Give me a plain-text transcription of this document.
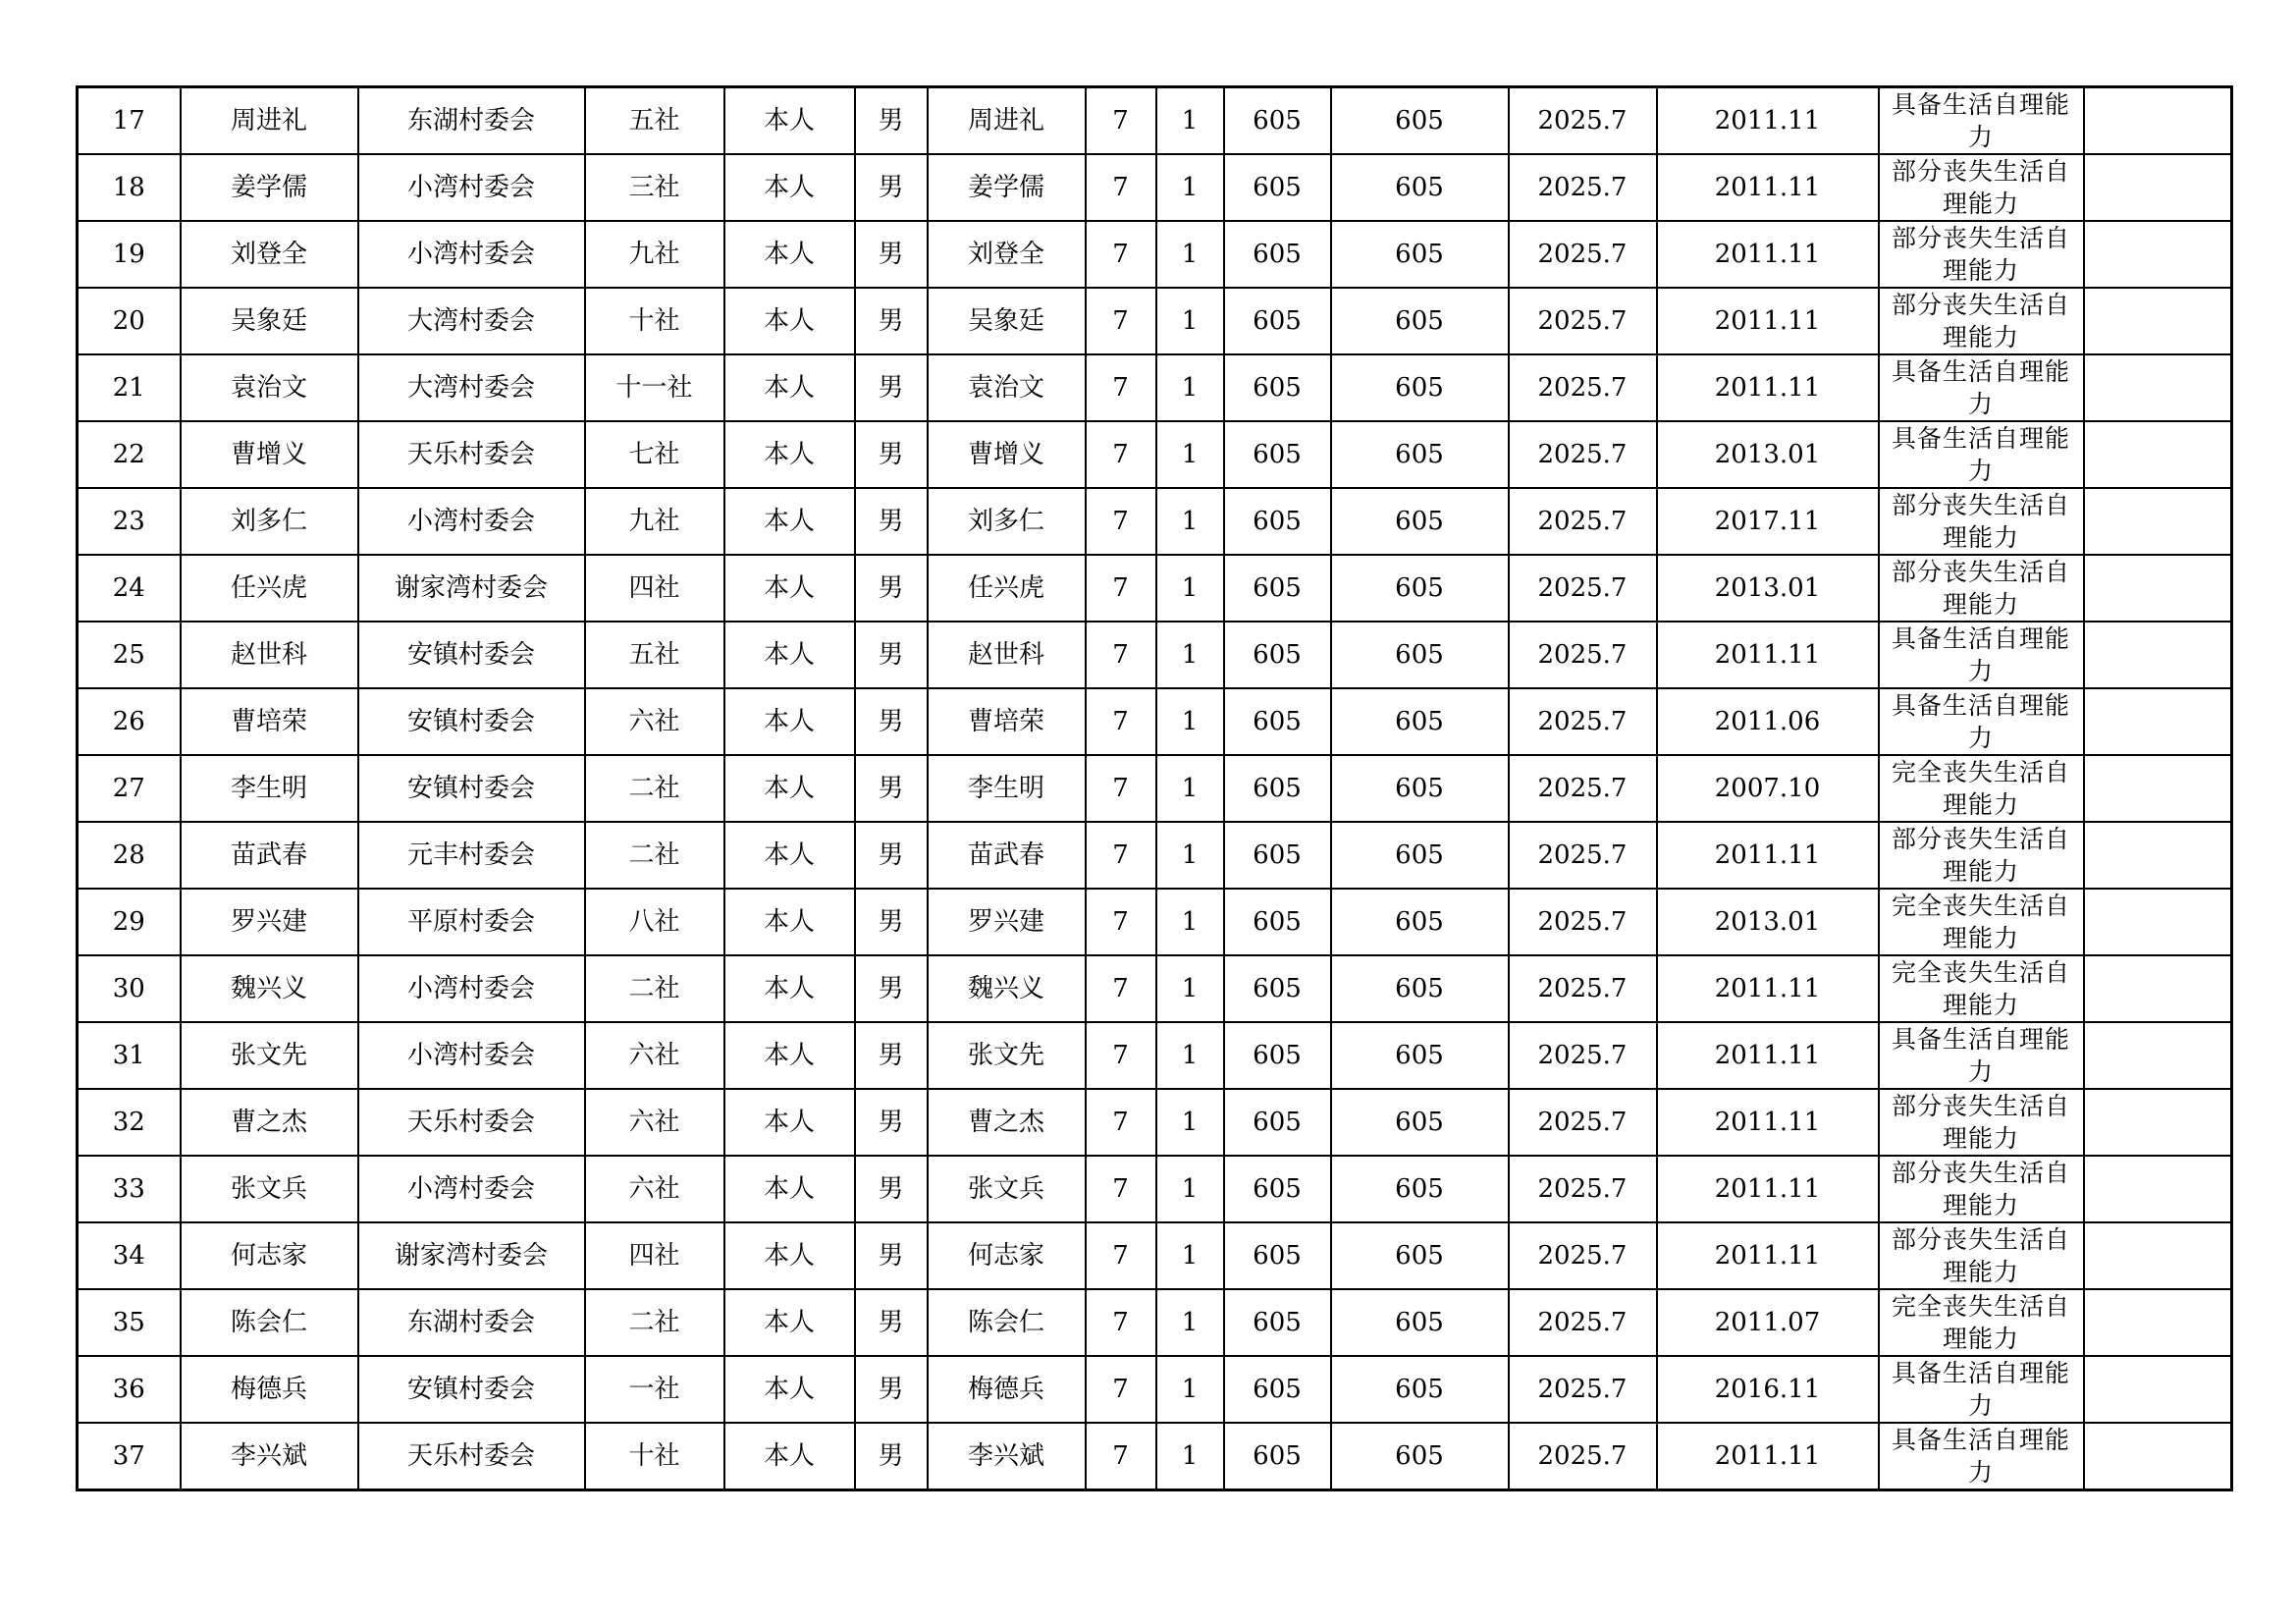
17	周进礼	东湖村委会	五社	本人	男	周进礼	7	1	605	605	2025.7	2011.11	具备生活自理能力	
18	姜学儒	小湾村委会	三社	本人	男	姜学儒	7	1	605	605	2025.7	2011.11	部分丧失生活自理能力	
19	刘登全	小湾村委会	九社	本人	男	刘登全	7	1	605	605	2025.7	2011.11	部分丧失生活自理能力	
20	吴象廷	大湾村委会	十社	本人	男	吴象廷	7	1	605	605	2025.7	2011.11	部分丧失生活自理能力	
21	袁治文	大湾村委会	十一社	本人	男	袁治文	7	1	605	605	2025.7	2011.11	具备生活自理能力	
22	曹增义	天乐村委会	七社	本人	男	曹增义	7	1	605	605	2025.7	2013.01	具备生活自理能力	
23	刘多仁	小湾村委会	九社	本人	男	刘多仁	7	1	605	605	2025.7	2017.11	部分丧失生活自理能力	
24	任兴虎	谢家湾村委会	四社	本人	男	任兴虎	7	1	605	605	2025.7	2013.01	部分丧失生活自理能力	
25	赵世科	安镇村委会	五社	本人	男	赵世科	7	1	605	605	2025.7	2011.11	具备生活自理能力	
26	曹培荣	安镇村委会	六社	本人	男	曹培荣	7	1	605	605	2025.7	2011.06	具备生活自理能力	
27	李生明	安镇村委会	二社	本人	男	李生明	7	1	605	605	2025.7	2007.10	完全丧失生活自理能力	
28	苗武春	元丰村委会	二社	本人	男	苗武春	7	1	605	605	2025.7	2011.11	部分丧失生活自理能力	
29	罗兴建	平原村委会	八社	本人	男	罗兴建	7	1	605	605	2025.7	2013.01	完全丧失生活自理能力	
30	魏兴义	小湾村委会	二社	本人	男	魏兴义	7	1	605	605	2025.7	2011.11	完全丧失生活自理能力	
31	张文先	小湾村委会	六社	本人	男	张文先	7	1	605	605	2025.7	2011.11	具备生活自理能力	
32	曹之杰	天乐村委会	六社	本人	男	曹之杰	7	1	605	605	2025.7	2011.11	部分丧失生活自理能力	
33	张文兵	小湾村委会	六社	本人	男	张文兵	7	1	605	605	2025.7	2011.11	部分丧失生活自理能力	
34	何志家	谢家湾村委会	四社	本人	男	何志家	7	1	605	605	2025.7	2011.11	部分丧失生活自理能力	
35	陈会仁	东湖村委会	二社	本人	男	陈会仁	7	1	605	605	2025.7	2011.07	完全丧失生活自理能力	
36	梅德兵	安镇村委会	一社	本人	男	梅德兵	7	1	605	605	2025.7	2016.11	具备生活自理能力	
37	李兴斌	天乐村委会	十社	本人	男	李兴斌	7	1	605	605	2025.7	2011.11	具备生活自理能力	
